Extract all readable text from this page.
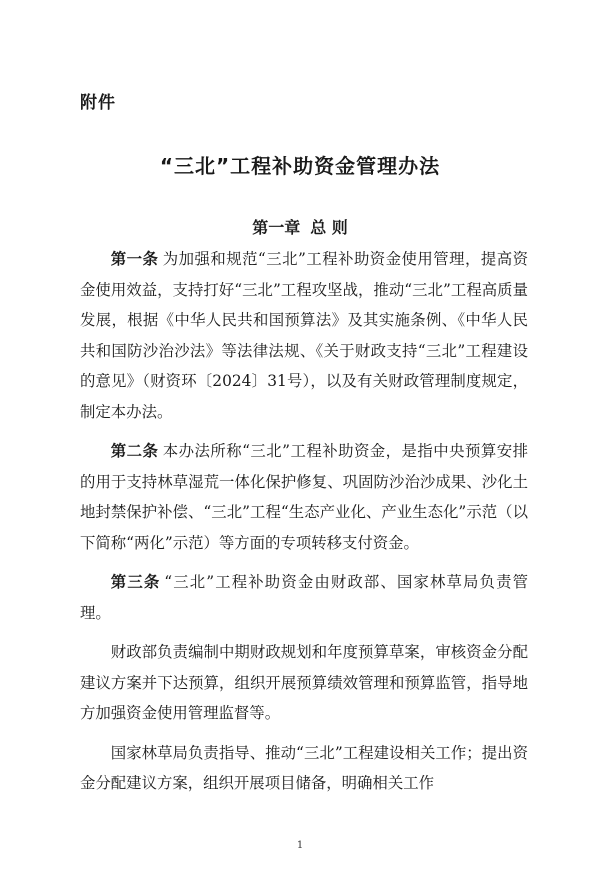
附件
“三北”工程补助资金管理办法
第一章 总 则

第一条  为加强和规范“三北”工程补助资金使用管理，提高资金使用效益，支持打好“三北”工程攻坚战，推动“三北”工程高质量发展，根据《中华人民共和国预算法》及其实施条例、《中华人民共和国防沙治沙法》等法律法规、《关于财政支持“三北”工程建设的意见》（财资环〔2024〕31号），以及有关财政管理制度规定，制定本办法。

第二条  本办法所称“三北”工程补助资金，是指中央预算安排的用于支持林草湿荒一体化保护修复、巩固防沙治沙成果、沙化土地封禁保护补偿、“三北”工程“生态产业化、产业生态化”示范（以下简称“两化”示范）等方面的专项转移支付资金。

第三条  “三北”工程补助资金由财政部、国家林草局负责管理。

财政部负责编制中期财政规划和年度预算草案，审核资金分配建议方案并下达预算，组织开展预算绩效管理和预算监管，指导地方加强资金使用管理监督等。

国家林草局负责指导、推动“三北”工程建设相关工作；提出资金分配建议方案，组织开展项目储备，明确相关工作

1
